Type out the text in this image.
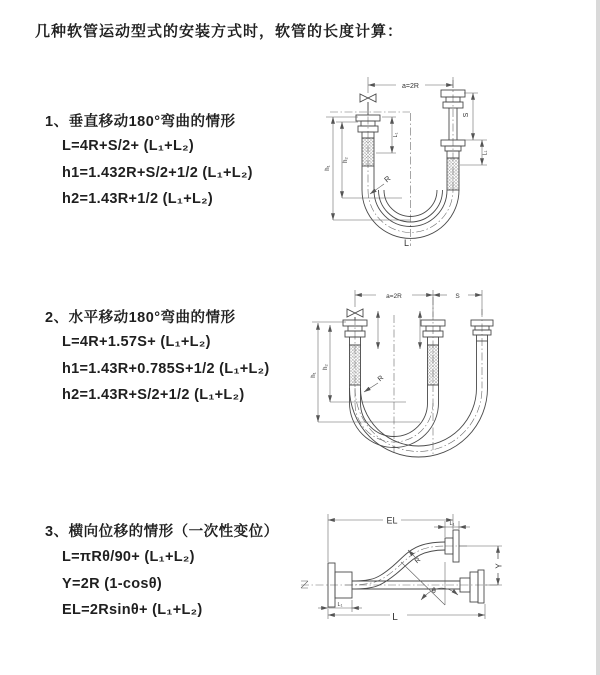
几种软管运动型式的安装方式时，软管的长度计算：
1、垂直移动180°弯曲的情形
L=4R+S/2+ (L₁+L₂)
h1=1.432R+S/2+1/2 (L₁+L₂)
h2=1.43R+1/2 (L₁+L₂)
2、水平移动180°弯曲的情形
L=4R+1.57S+ (L₁+L₂)
h1=1.43R+0.785S+1/2 (L₁+L₂)
h2=1.43R+S/2+1/2 (L₁+L₂)
3、横向位移的情形（一次性变位）
L=πRθ/90+ (L₁+L₂)
Y=2R (1-cosθ)
EL=2Rsinθ+ (L₁+L₂)
a=2R
S
L₁
L₁
h₁
h₂
R
L
a=2R	S
h₁
h₂
R
EL	L₁
L₁
Y
R
θ
L
